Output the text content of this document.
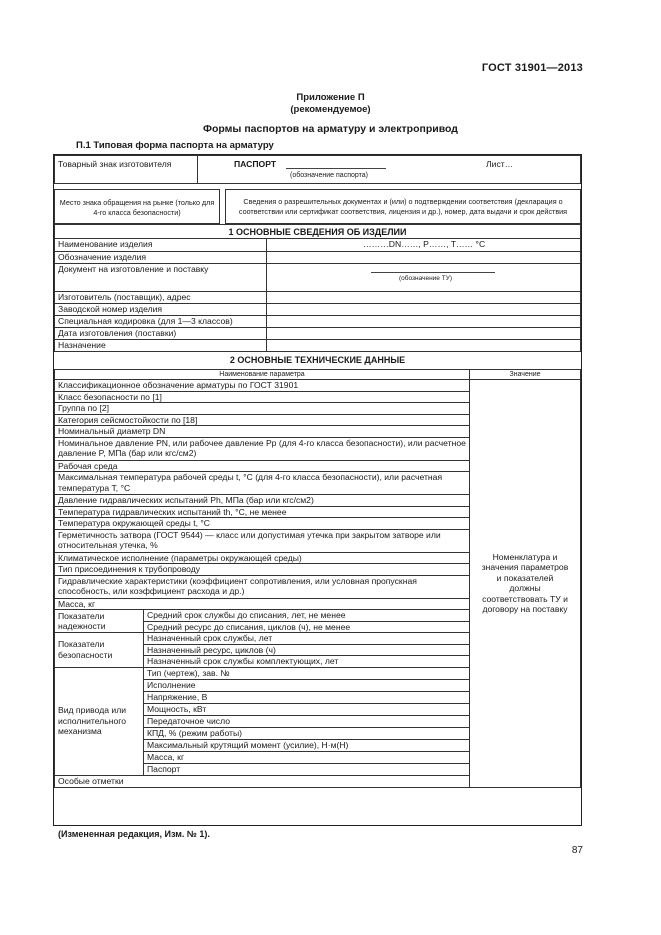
ГОСТ 31901—2013
Приложение П
(рекомендуемое)
Формы паспортов на арматуру и электропривод
П.1 Типовая форма паспорта на арматуру
Товарный знак изготовителя	ПАСПОРТ
(обозначение паспорта)
Лист…
Место знака обращения на рынке (только для 4-го класса безопасности)		Сведения о разрешительных документах и (или) о подтверждении соответствия (декларация о соответствии или сертификат соответствия, лицензия и др.), номер, дата выдачи и срок действия
1 ОСНОВНЫЕ СВЕДЕНИЯ ОБ ИЗДЕЛИИ	
Наименование изделия	………DN……, P……, T…… °C
Обозначение изделия	
Документ на изготовление и поставку	(обозначение ТУ)

Изготовитель (поставщик), адрес	
Заводской номер изделия	
Специальная кодировка (для 1—3 классов)	
Дата изготовления (поставки)	
Назначение	
2 ОСНОВНЫЕ ТЕХНИЧЕСКИЕ ДАННЫЕ
Наименование параметра		Значение
Классификационное обозначение арматуры по ГОСТ 31901		Номенклатура и значения параметров и показателей должны соответствовать ТУ и договору на поставку
Класс безопасности по [1]		
Группа по [2]		
Категория сейсмостойкости по [18]		
Номинальный диаметр DN		
Номинальное давление PN, или рабочее давление Pp (для 4-го класса безопасности), или расчетное давление P, МПа (бар или кгс/см2)		
Рабочая среда		
Максимальная температура рабочей среды t, °C (для 4-го класса безопасности), или расчетная температура T, °C		
Давление гидравлических испытаний Ph, МПа (бар или кгс/см2)		
Температура гидравлических испытаний th, °C, не менее		
Температура окружающей среды t, °C		
Герметичность затвора (ГОСТ 9544) — класс или допустимая утечка при закрытом затворе или относительная утечка, %		
Климатическое исполнение (параметры окружающей среды)		
Тип присоединения к трубопроводу		
Гидравлические характеристики (коэффициент сопротивления, или условная пропускная способность, или коэффициент расхода и др.)		
Масса, кг		
Показатели надежности	Средний срок службы до списания, лет, не менее	
	Средний ресурс до списания, циклов (ч), не менее	
Показатели безопасности	Назначенный срок службы, лет	
	Назначенный ресурс, циклов (ч)	
	Назначенный срок службы комплектующих, лет	
Вид привода или исполнительного механизма	Тип (чертеж), зав. №	
	Исполнение	
	Напряжение, В	
	Мощность, кВт	
	Передаточное число	
	КПД, % (режим работы)	
	Максимальный крутящий момент (усилие), Н·м(Н)	
	Масса, кг	
	Паспорт	
Особые отметки		
(Измененная редакция, Изм. № 1).
87
